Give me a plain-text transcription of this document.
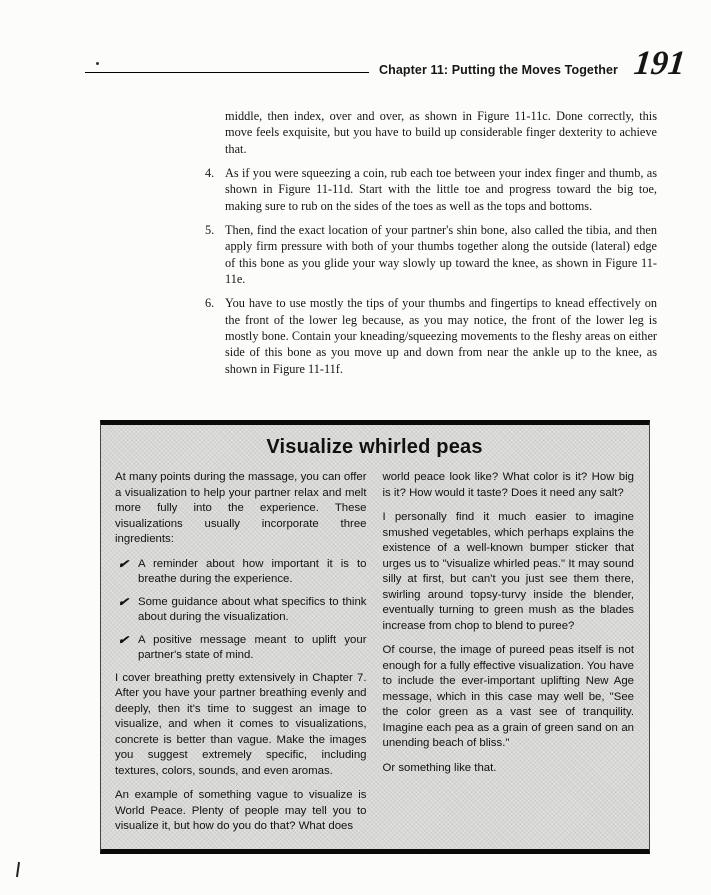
Chapter 11: Putting the Moves Together 191

middle, then index, over and over, as shown in Figure 11-11c. Done correctly, this move feels exquisite, but you have to build up considerable finger dexterity to achieve that.

4. As if you were squeezing a coin, rub each toe between your index finger and thumb, as shown in Figure 11-11d. Start with the little toe and progress toward the big toe, making sure to rub on the sides of the toes as well as the tops and bottoms.
5. Then, find the exact location of your partner's shin bone, also called the tibia, and then apply firm pressure with both of your thumbs together along the outside (lateral) edge of this bone as you glide your way slowly up toward the knee, as shown in Figure 11-11e.
6. You have to use mostly the tips of your thumbs and fingertips to knead effectively on the front of the lower leg because, as you may notice, the front of the lower leg is mostly bone. Contain your kneading/squeezing movements to the fleshy areas on either side of this bone as you move up and down from near the ankle up to the knee, as shown in Figure 11-11f.
Visualize whirled peas

At many points during the massage, you can offer a visualization to help your partner relax and melt more fully into the experience. These visualizations usually incorporate three ingredients:

✔ A reminder about how important it is to breathe during the experience.
✔ Some guidance about what specifics to think about during the visualization.
✔ A positive message meant to uplift your partner's state of mind.

I cover breathing pretty extensively in Chapter 7. After you have your partner breathing evenly and deeply, then it's time to suggest an image to visualize, and when it comes to visualizations, concrete is better than vague. Make the images you suggest extremely specific, including textures, colors, sounds, and even aromas.

An example of something vague to visualize is World Peace. Plenty of people may tell you to visualize it, but how do you do that? What does

world peace look like? What color is it? How big is it? How would it taste? Does it need any salt?

I personally find it much easier to imagine smushed vegetables, which perhaps explains the existence of a well-known bumper sticker that urges us to "visualize whirled peas." It may sound silly at first, but can't you just see them there, swirling around topsy-turvy inside the blender, eventually turning to green mush as the blades increase from chop to blend to puree?

Of course, the image of pureed peas itself is not enough for a fully effective visualization. You have to include the ever-important uplifting New Age message, which in this case may well be, "See the color green as a vast see of tranquility. Imagine each pea as a grain of green sand on an unending beach of bliss."

Or something like that.
